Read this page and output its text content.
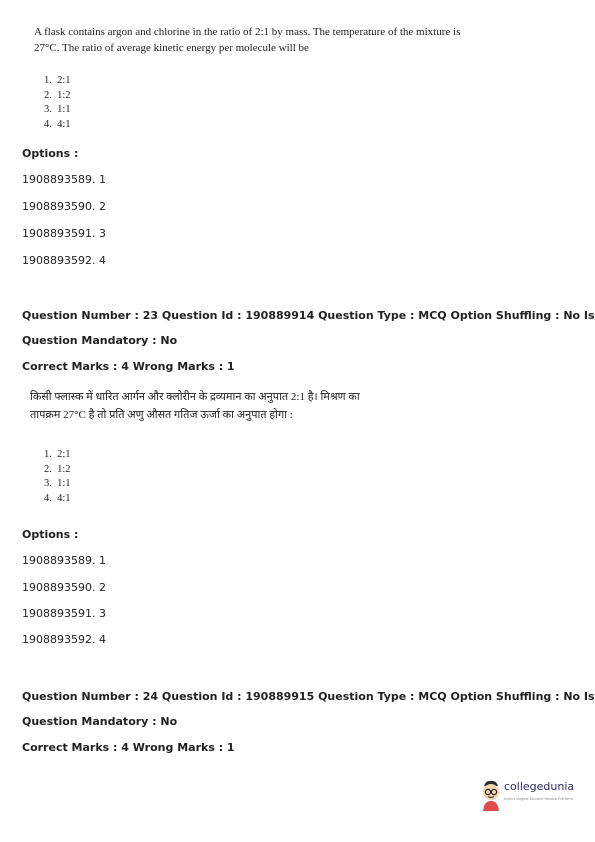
A flask contains argon and chlorine in the ratio of 2:1 by mass. The temperature of the mixture is
27°C. The ratio of average kinetic energy per molecule will be
1.  2:1
2.  1:2
3.  1:1
4.  4:1
Options :
1908893589. 1
1908893590. 2
1908893591. 3
1908893592. 4
Question Number : 23 Question Id : 190889914 Question Type : MCQ Option Shuffling : No Is
Question Mandatory : No
Correct Marks : 4 Wrong Marks : 1
किसी फ्लास्क में धारित आर्गन और क्लोरीन के द्रव्यमान का अनुपात 2:1 है। मिश्रण का
तापक्रम 27°C है तो प्रति अणु औसत गतिज ऊर्जा का अनुपात होगा :
1.  2:1
2.  1:2
3.  1:1
4.  4:1
Options :
1908893589. 1
1908893590. 2
1908893591. 3
1908893592. 4
Question Number : 24 Question Id : 190889915 Question Type : MCQ Option Shuffling : No Is
Question Mandatory : No
Correct Marks : 4 Wrong Marks : 1
collegedunia
India's largest Student Review Platform
